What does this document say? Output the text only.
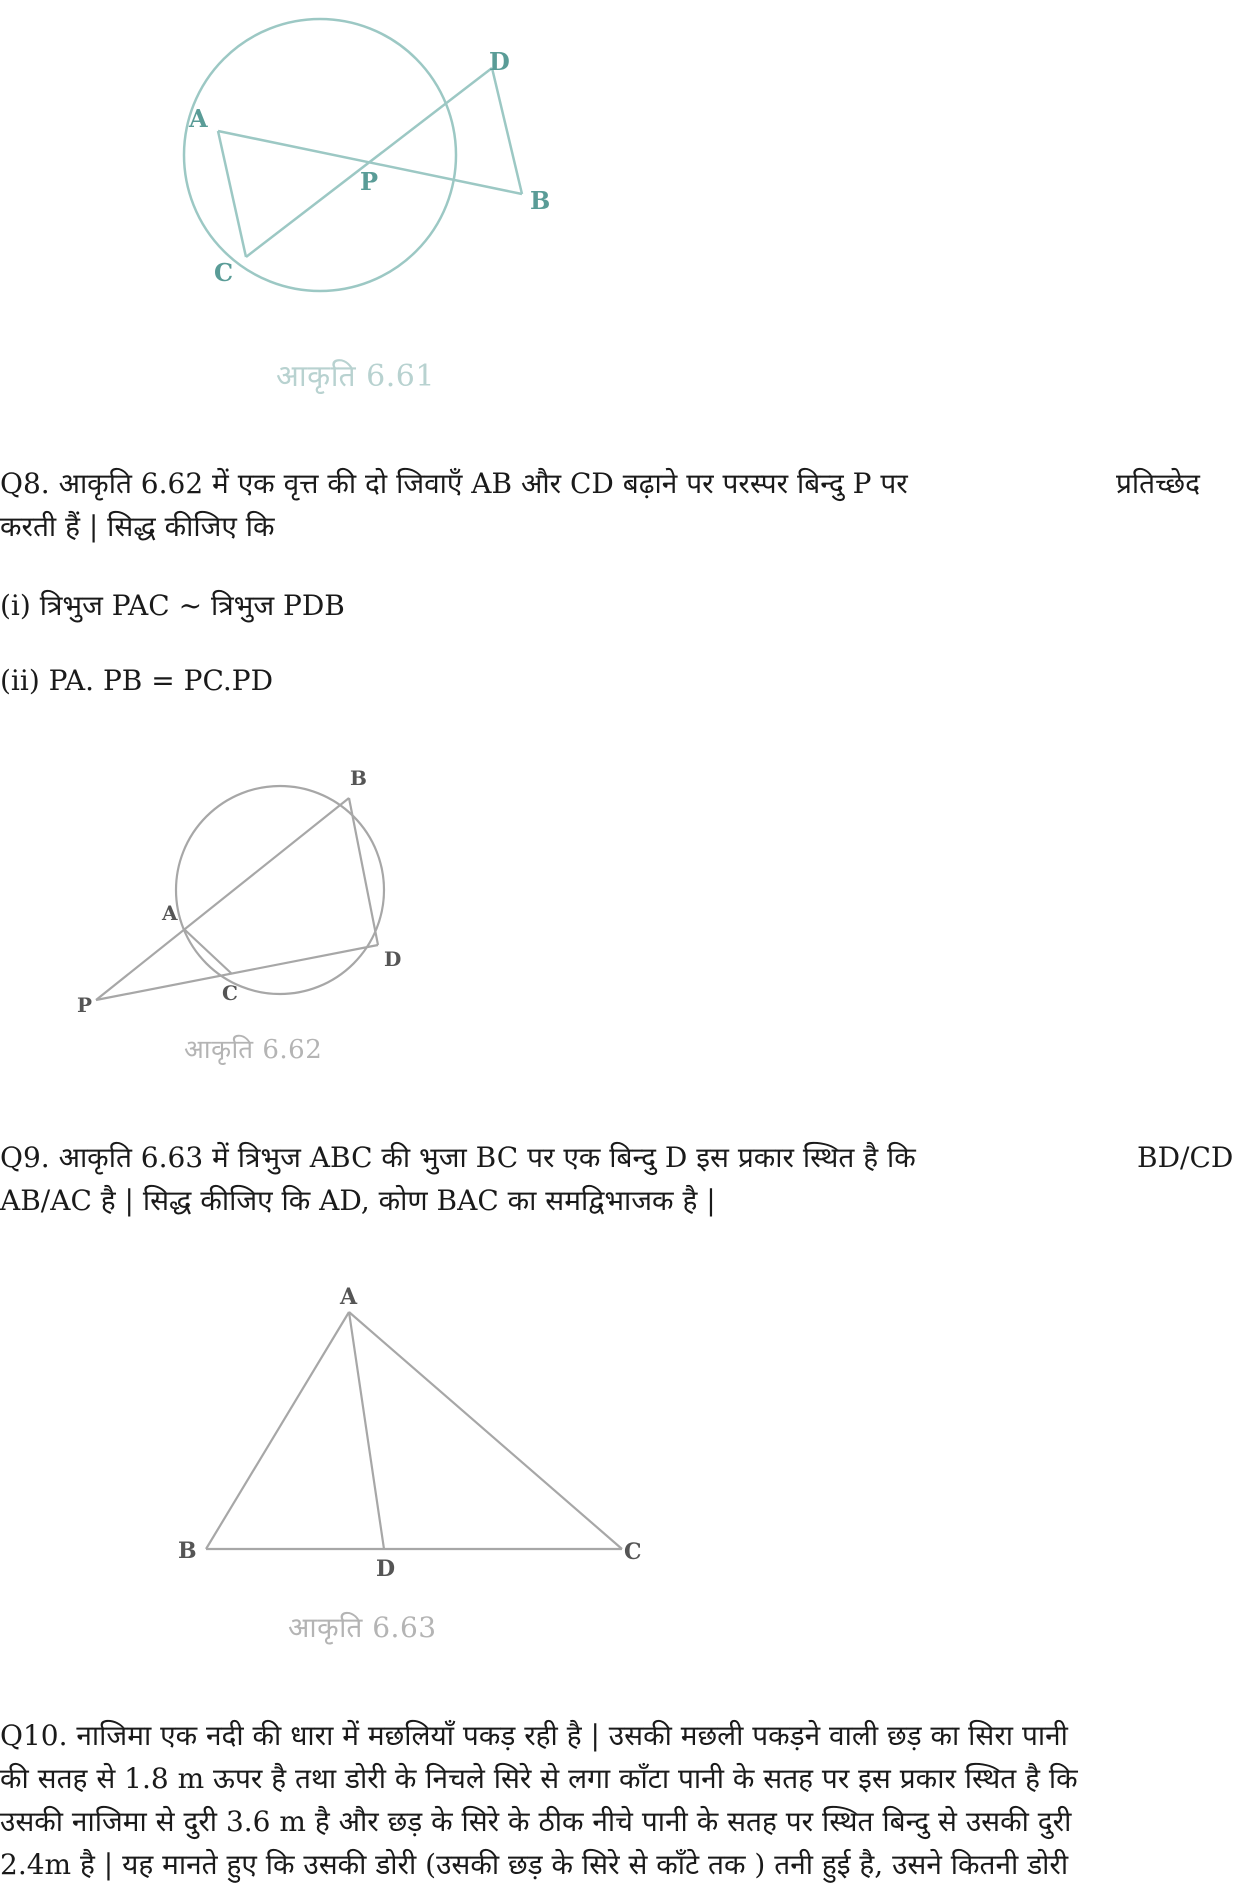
A
D
P
B
C
आकृति 6.61
Q8. आकृति 6.62 में एक वृत्त की दो जिवाएँ AB और CD बढ़ाने पर परस्पर बिन्दु P पर	प्रतिच्छेद
करती हैं | सिद्ध कीजिए कि
(i) त्रिभुज PAC ~ त्रिभुज PDB
(ii) PA. PB = PC.PD
B
A
D
C
P
आकृति 6.62
Q9. आकृति 6.63 में त्रिभुज ABC की भुजा BC पर एक बिन्दु D इस प्रकार स्थित है कि	BD/CD
AB/AC है | सिद्ध कीजिए कि AD, कोण BAC का समद्विभाजक है |
A
B
D
C
आकृति 6.63
Q10. नाजिमा एक नदी की धारा में मछलियाँ पकड़ रही है | उसकी मछली पकड़ने वाली छड़ का सिरा पानी
की सतह से 1.8 m ऊपर है तथा डोरी के निचले सिरे से लगा काँटा पानी के सतह पर इस प्रकार स्थित है कि
उसकी नाजिमा से दुरी 3.6 m है और छड़ के सिरे के ठीक नीचे पानी के सतह पर स्थित बिन्दु से उसकी दुरी
2.4m है | यह मानते हुए कि उसकी डोरी (उसकी छड़ के सिरे से काँटे तक ) तनी हुई है, उसने कितनी डोरी
